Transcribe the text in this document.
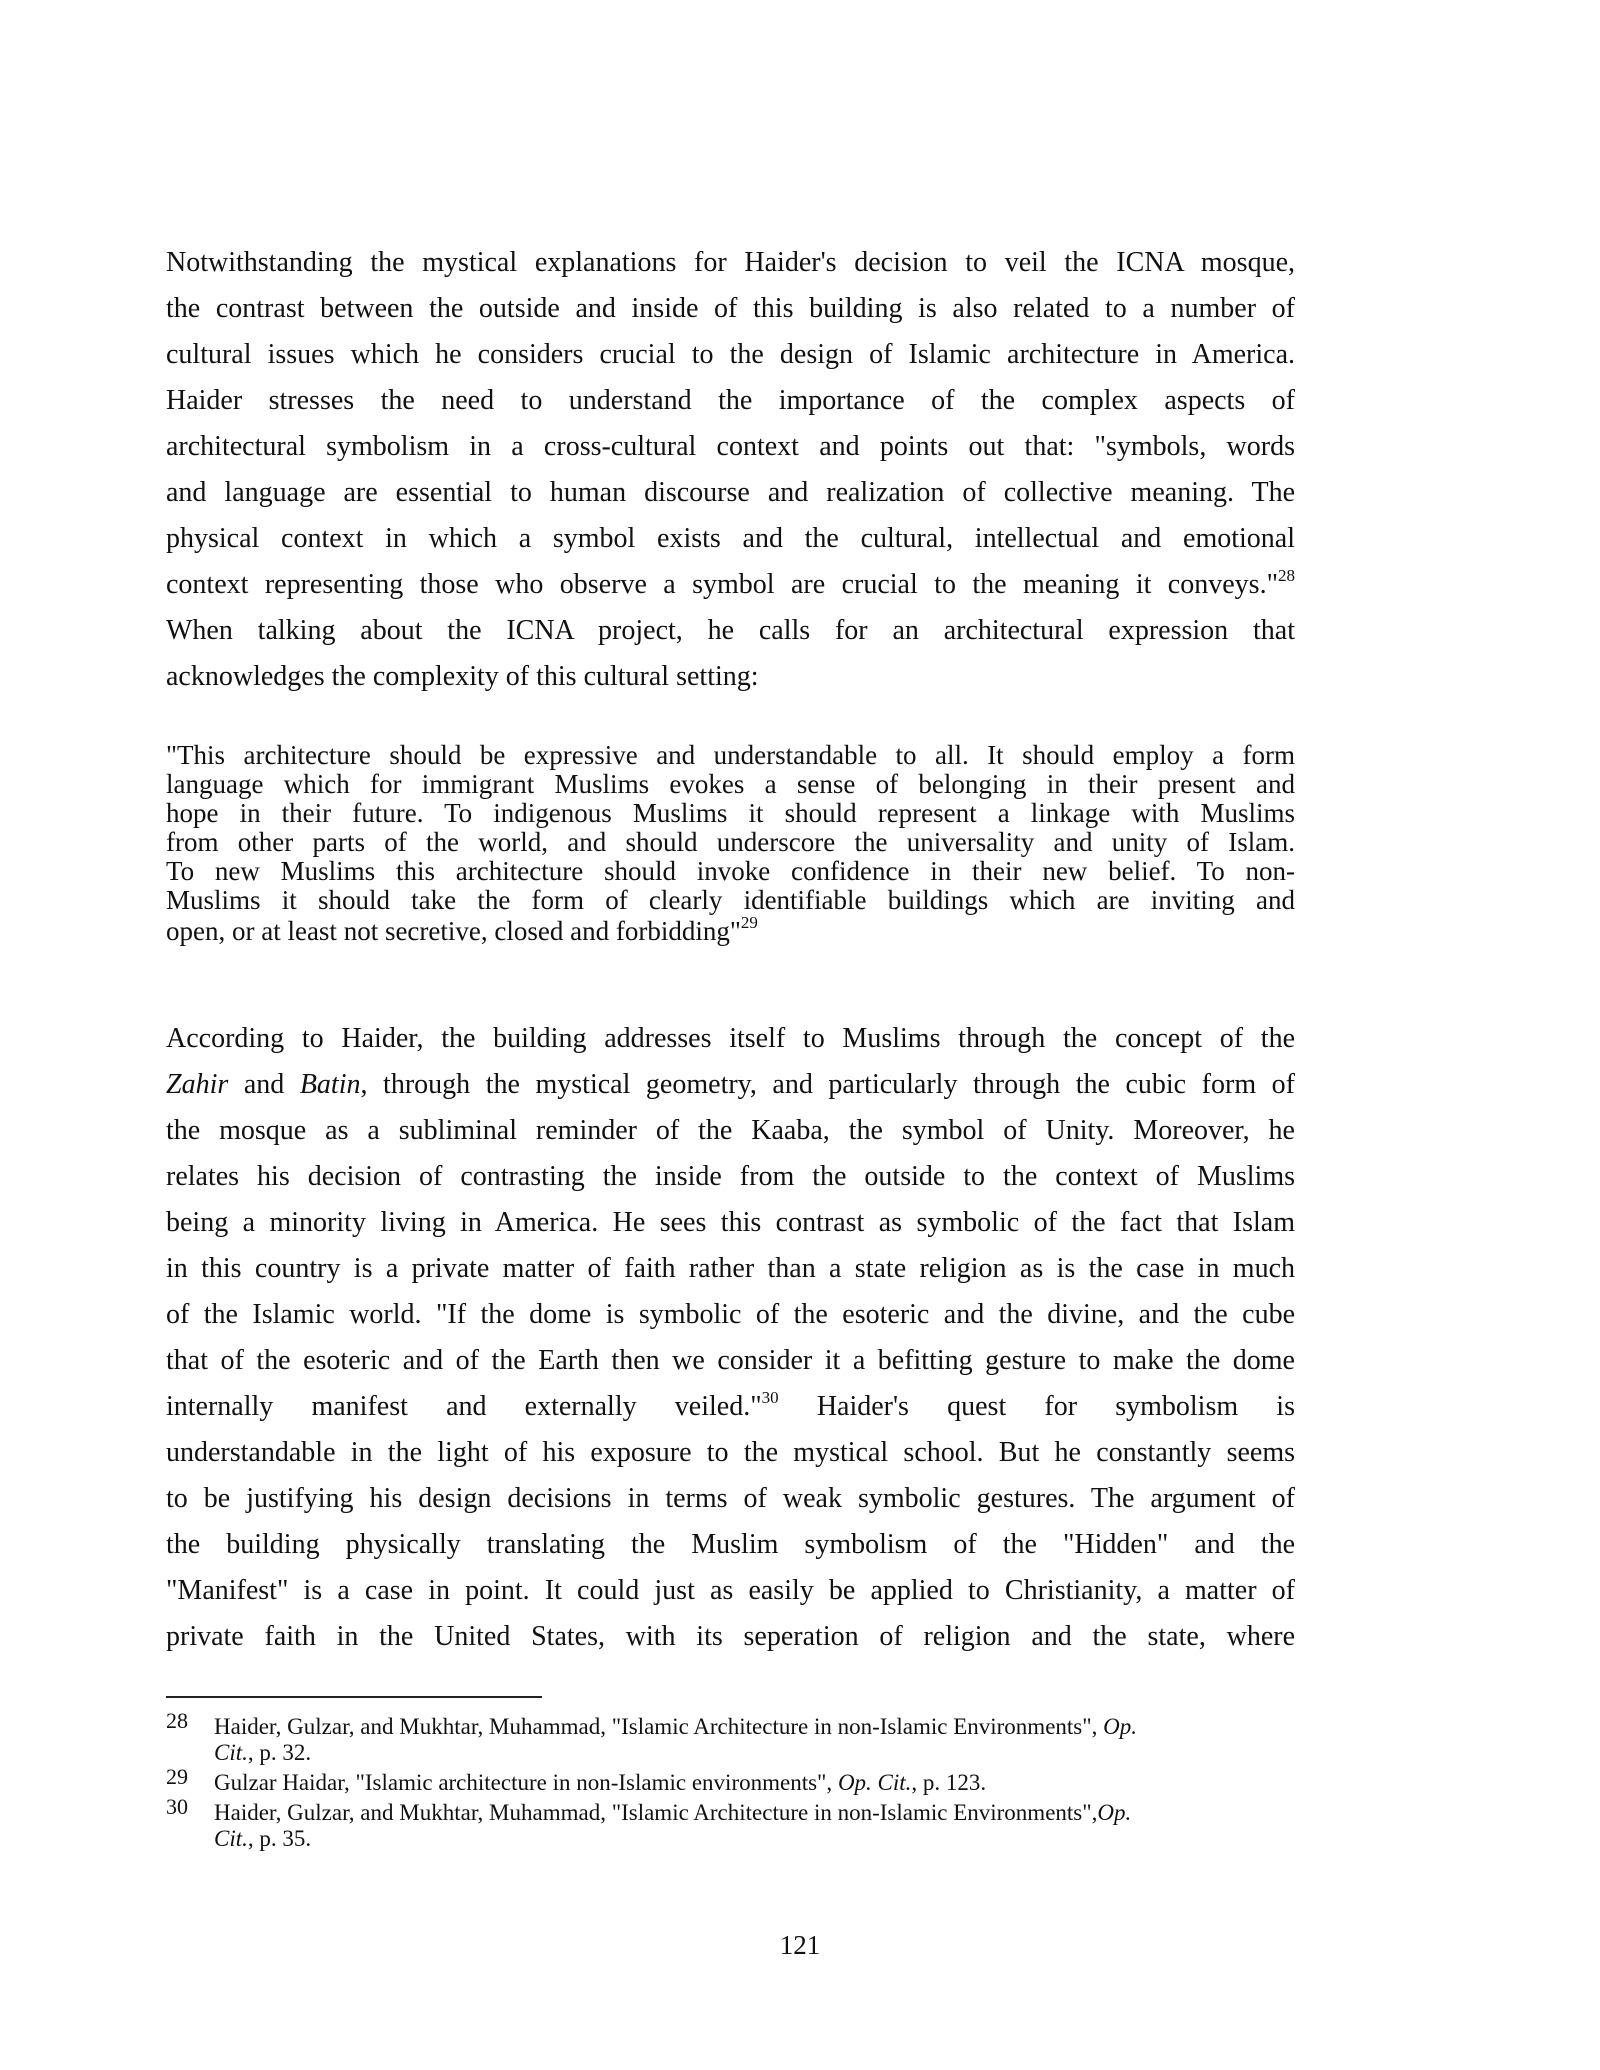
Notwithstanding the mystical explanations for Haider's decision to veil the ICNA mosque,
the contrast between the outside and inside of this building is also related to a number of
cultural issues which he considers crucial to the design of Islamic architecture in America.
Haider stresses the need to understand the importance of the complex aspects of
architectural symbolism in a cross-cultural context and points out that: "symbols, words
and language are essential to human discourse and realization of collective meaning. The
physical context in which a symbol exists and the cultural, intellectual and emotional
context representing those who observe a symbol are crucial to the meaning it conveys."$^{28}$
When talking about the ICNA project, he calls for an architectural expression that
acknowledges the complexity of this cultural setting:
"This architecture should be expressive and understandable to all. It should employ a form
language which for immigrant Muslims evokes a sense of belonging in their present and
hope in their future. To indigenous Muslims it should represent a linkage with Muslims
from other parts of the world, and should underscore the universality and unity of Islam.
To new Muslims this architecture should invoke confidence in their new belief. To non-
Muslims it should take the form of clearly identifiable buildings which are inviting and
open, or at least not secretive, closed and forbidding"$^{29}$
According to Haider, the building addresses itself to Muslims through the concept of the
Zahir and Batin, through the mystical geometry, and particularly through the cubic form of
the mosque as a subliminal reminder of the Kaaba, the symbol of Unity. Moreover, he
relates his decision of contrasting the inside from the outside to the context of Muslims
being a minority living in America. He sees this contrast as symbolic of the fact that Islam
in this country is a private matter of faith rather than a state religion as is the case in much
of the Islamic world. "If the dome is symbolic of the esoteric and the divine, and the cube
that of the esoteric and of the Earth then we consider it a befitting gesture to make the dome
internally manifest and externally veiled."$^{30}$ Haider's quest for symbolism is
understandable in the light of his exposure to the mystical school. But he constantly seems
to be justifying his design decisions in terms of weak symbolic gestures. The argument of
the building physically translating the Muslim symbolism of the "Hidden" and the
"Manifest" is a case in point. It could just as easily be applied to Christianity, a matter of
private faith in the United States, with its seperation of religion and the state, where
28 Haider, Gulzar, and Mukhtar, Muhammad, "Islamic Architecture in non-Islamic Environments", Op.
Cit., p. 32.
29 Gulzar Haidar, "Islamic architecture in non-Islamic environments", Op. Cit., p. 123.
30 Haider, Gulzar, and Mukhtar, Muhammad, "Islamic Architecture in non-Islamic Environments",Op.
Cit., p. 35.
121
